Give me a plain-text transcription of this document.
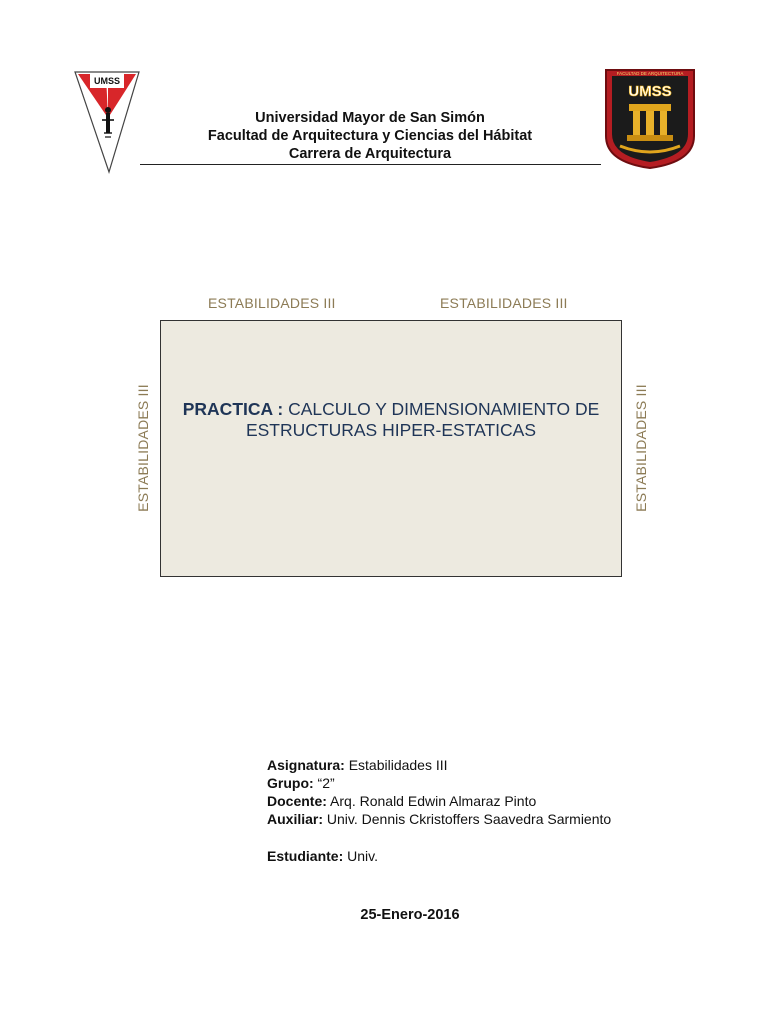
UMSS
FACULTAD DE ARQUITECTURA
UMSS
Universidad Mayor de San Simón
Facultad de Arquitectura y Ciencias del Hábitat
Carrera de Arquitectura
ESTABILIDADES III	ESTABILIDADES III
ESTABILIDADES III	ESTABILIDADES III
PRACTICA : CALCULO Y DIMENSIONAMIENTO DE
ESTRUCTURAS HIPER-ESTATICAS
Asignatura: Estabilidades III
Grupo: “2”
Docente: Arq. Ronald Edwin Almaraz Pinto
Auxiliar: Univ. Dennis Ckristoffers Saavedra Sarmiento
Estudiante: Univ.
25-Enero-2016
